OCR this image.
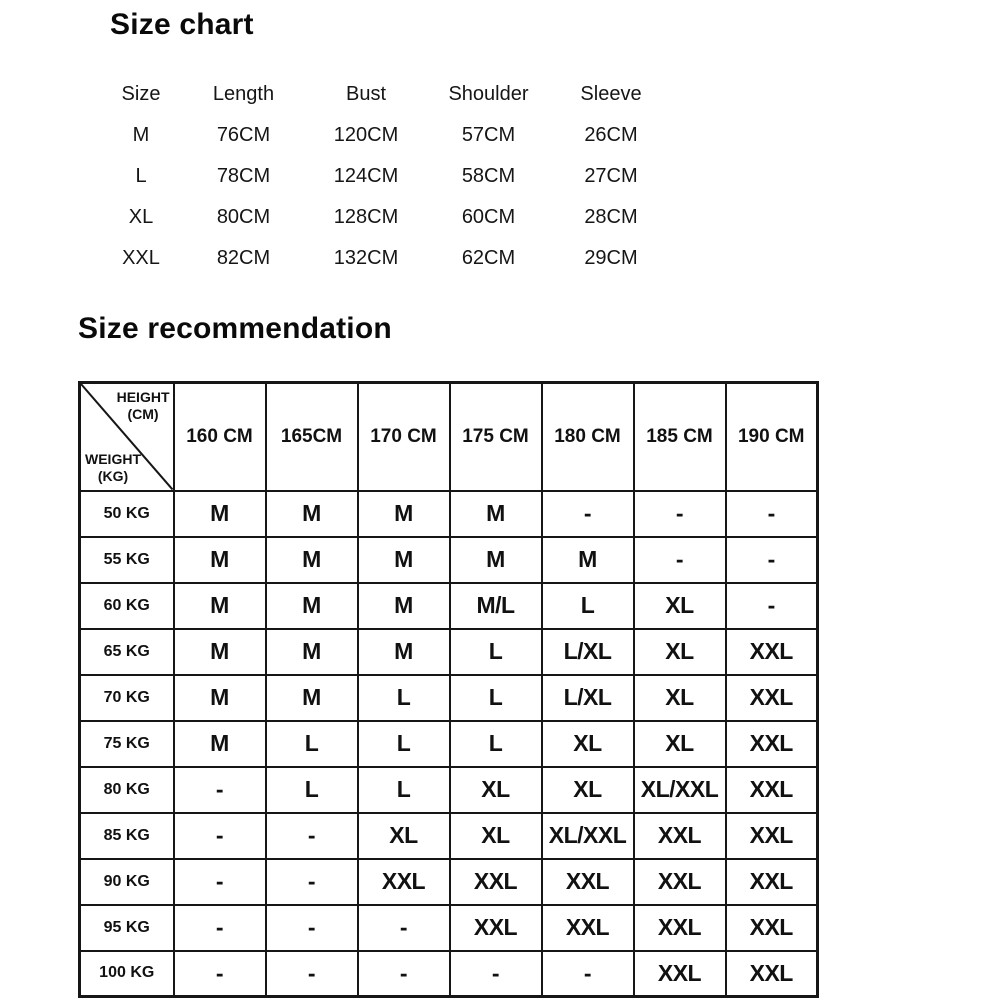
Size chart
Size	Length	Bust	Shoulder	Sleeve
M	76CM	120CM	57CM	26CM
L	78CM	124CM	58CM	27CM
XL	80CM	128CM	60CM	28CM
XXL	82CM	132CM	62CM	29CM
Size recommendation
HEIGHT
(CM)
WEIGHT
(KG)	160 CM	165CM	170 CM	175 CM	180 CM	185 CM	190 CM
50 KG	M	M	M	M	-	-	-
55 KG	M	M	M	M	M	-	-
60 KG	M	M	M	M/L	L	XL	-
65 KG	M	M	M	L	L/XL	XL	XXL
70 KG	M	M	L	L	L/XL	XL	XXL
75 KG	M	L	L	L	XL	XL	XXL
80 KG	-	L	L	XL	XL	XL/XXL	XXL
85 KG	-	-	XL	XL	XL/XXL	XXL	XXL
90 KG	-	-	XXL	XXL	XXL	XXL	XXL
95 KG	-	-	-	XXL	XXL	XXL	XXL
100 KG	-	-	-	-	-	XXL	XXL
